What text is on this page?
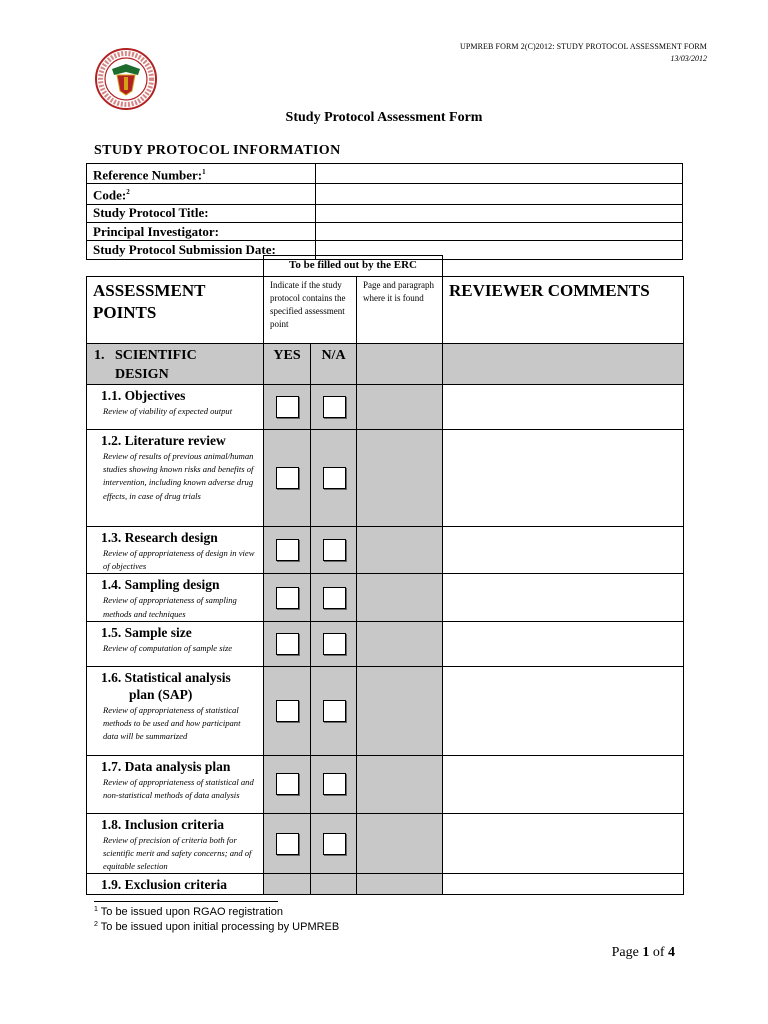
UPMREB FORM 2(C)2012: STUDY PROTOCOL ASSESSMENT FORM
13/03/2012
Study Protocol Assessment Form
STUDY PROTOCOL INFORMATION
Reference Number:$^1$	
Code:$^2$	
Study Protocol Title:	
Principal Investigator:	
Study Protocol Submission Date:	
	To be filled out by the ERC			
ASSESSMENT POINTS	Indicate if the study protocol contains the specified assessment point		Page and paragraph where it is found	REVIEWER COMMENTS
1. SCIENTIFIC DESIGN	YES	N/A		

1.1. Objectives
Review of viability of expected output				

1.2. Literature review
Review of results of previous animal/human studies showing known risks and benefits of intervention, including known adverse drug effects, in case of drug trials				

1.3. Research design
Review of appropriateness of design in view of objectives				

1.4. Sampling design
Review of appropriateness of sampling methods and techniques				

1.5. Sample size
Review of computation of sample size				

1.6. Statistical analysis
plan (SAP)
Review of appropriateness of statistical methods to be used and how participant data will be summarized				

1.7. Data analysis plan
Review of appropriateness of statistical and non-statistical methods of data analysis				

1.8. Inclusion criteria
Review of precision of criteria both for scientific merit and safety concerns; and of equitable selection				

1.9. Exclusion criteria				

$^1$ To be issued upon RGAO registration
$^2$ To be issued upon initial processing by UPMREB
Page 1 of 4
